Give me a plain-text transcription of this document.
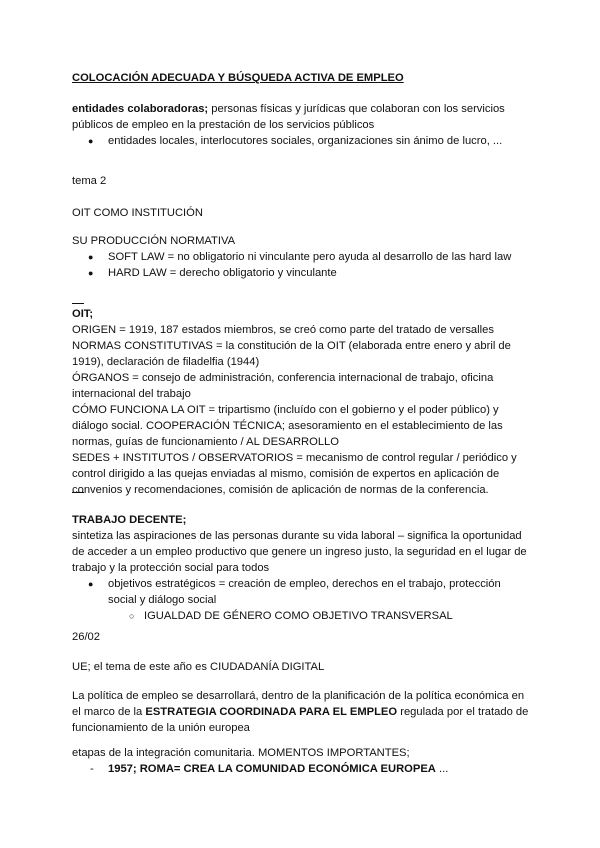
COLOCACIÓN ADECUADA Y BÚSQUEDA ACTIVA DE EMPLEO
entidades colaboradoras; personas físicas y jurídicas que colaboran con los servicios públicos de empleo en la prestación de los servicios públicos
● entidades locales, interlocutores sociales, organizaciones sin ánimo de lucro, ...
tema 2
OIT COMO INSTITUCIÓN
SU PRODUCCIÓN NORMATIVA
● SOFT LAW = no obligatorio ni vinculante pero ayuda al desarrollo de las hard law
● HARD LAW = derecho obligatorio y vinculante
OIT;
ORIGEN = 1919, 187 estados miembros, se creó como parte del tratado de versalles
NORMAS CONSTITUTIVAS = la constitución de la OIT (elaborada entre enero y abril de 1919), declaración de filadelfia (1944)
ÓRGANOS = consejo de administración, conferencia internacional de trabajo, oficina internacional del trabajo
CÓMO FUNCIONA LA OIT = tripartismo (incluído con el gobierno y el poder público) y diálogo social. COOPERACIÓN TÉCNICA; asesoramiento en el establecimiento de las normas, guías de funcionamiento / AL DESARROLLO
SEDES + INSTITUTOS / OBSERVATORIOS = mecanismo de control regular / periódico y control dirigido a las quejas enviadas al mismo, comisión de expertos en aplicación de convenios y recomendaciones, comisión de aplicación de normas de la conferencia.
TRABAJO DECENTE;
sintetiza las aspiraciones de las personas durante su vida laboral – significa la oportunidad de acceder a un empleo productivo que genere un ingreso justo, la seguridad en el lugar de trabajo y la protección social para todos
● objetivos estratégicos = creación de empleo, derechos en el trabajo, protección social y diálogo social
○ IGUALDAD DE GÉNERO COMO OBJETIVO TRANSVERSAL
26/02
UE; el tema de este año es CIUDADANÍA DIGITAL
La política de empleo se desarrollará, dentro de la planificación de la política económica en el marco de la ESTRATEGIA COORDINADA PARA EL EMPLEO regulada por el tratado de funcionamiento de la unión europea
etapas de la integración comunitaria. MOMENTOS IMPORTANTES;
- 1957; ROMA= CREA LA COMUNIDAD ECONÓMICA EUROPEA ...
